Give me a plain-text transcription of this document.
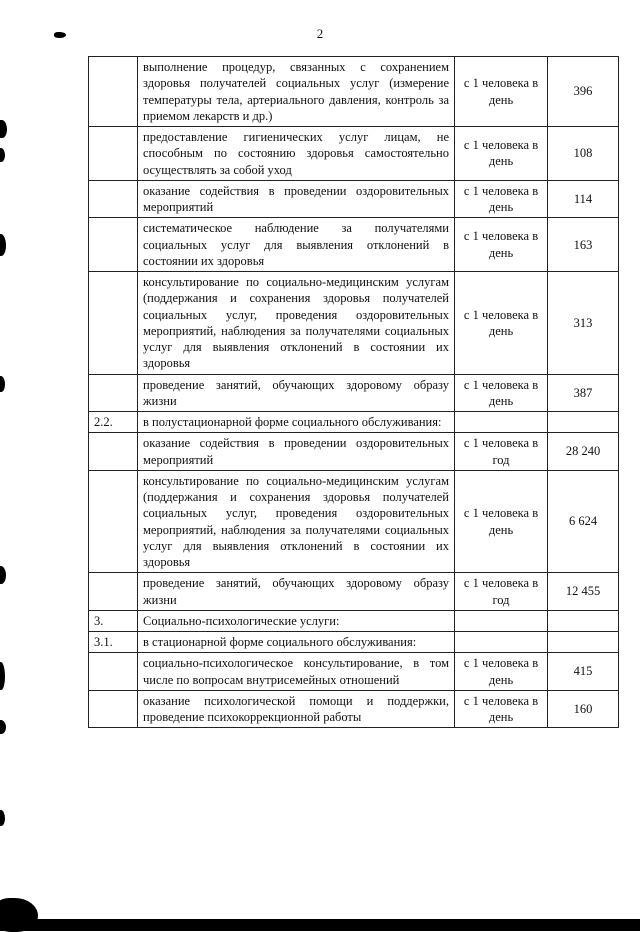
2
	выполнение процедур, связанных с сохранением здоровья получателей социальных услуг (измерение температуры тела, артериального давления, контроль за приемом лекарств и др.)	с 1 человека в день	396
	предоставление гигиенических услуг лицам, не способным по состоянию здоровья самостоятельно осуществлять за собой уход	с 1 человека в день	108
	оказание содействия в проведении оздоровительных мероприятий	с 1 человека в день	114
	систематическое наблюдение за получателями социальных услуг для выявления отклонений в состоянии их здоровья	с 1 человека в день	163
	консультирование по социально-медицинским услугам (поддержания и сохранения здоровья получателей социальных услуг, проведения оздоровительных мероприятий, наблюдения за получателями социальных услуг для выявления отклонений в состоянии их здоровья	с 1 человека в день	313
	проведение занятий, обучающих здоровому образу жизни	с 1 человека в день	387
2.2.	в полустационарной форме социального обслуживания:		
	оказание содействия в проведении оздоровительных мероприятий	с 1 человека в год	28 240
	консультирование по социально-медицинским услугам (поддержания и сохранения здоровья получателей социальных услуг, проведения оздоровительных мероприятий, наблюдения за получателями социальных услуг для выявления отклонений в состоянии их здоровья	с 1 человека в день	6 624
	проведение занятий, обучающих здоровому образу жизни	с 1 человека в год	12 455
3.	Социально-психологические услуги:		
3.1.	в стационарной форме социального обслуживания:		
	социально-психологическое консультирование, в том числе по вопросам внутрисемейных отношений	с 1 человека в день	415
	оказание психологической помощи и поддержки, проведение психокоррекционной работы	с 1 человека в день	160
